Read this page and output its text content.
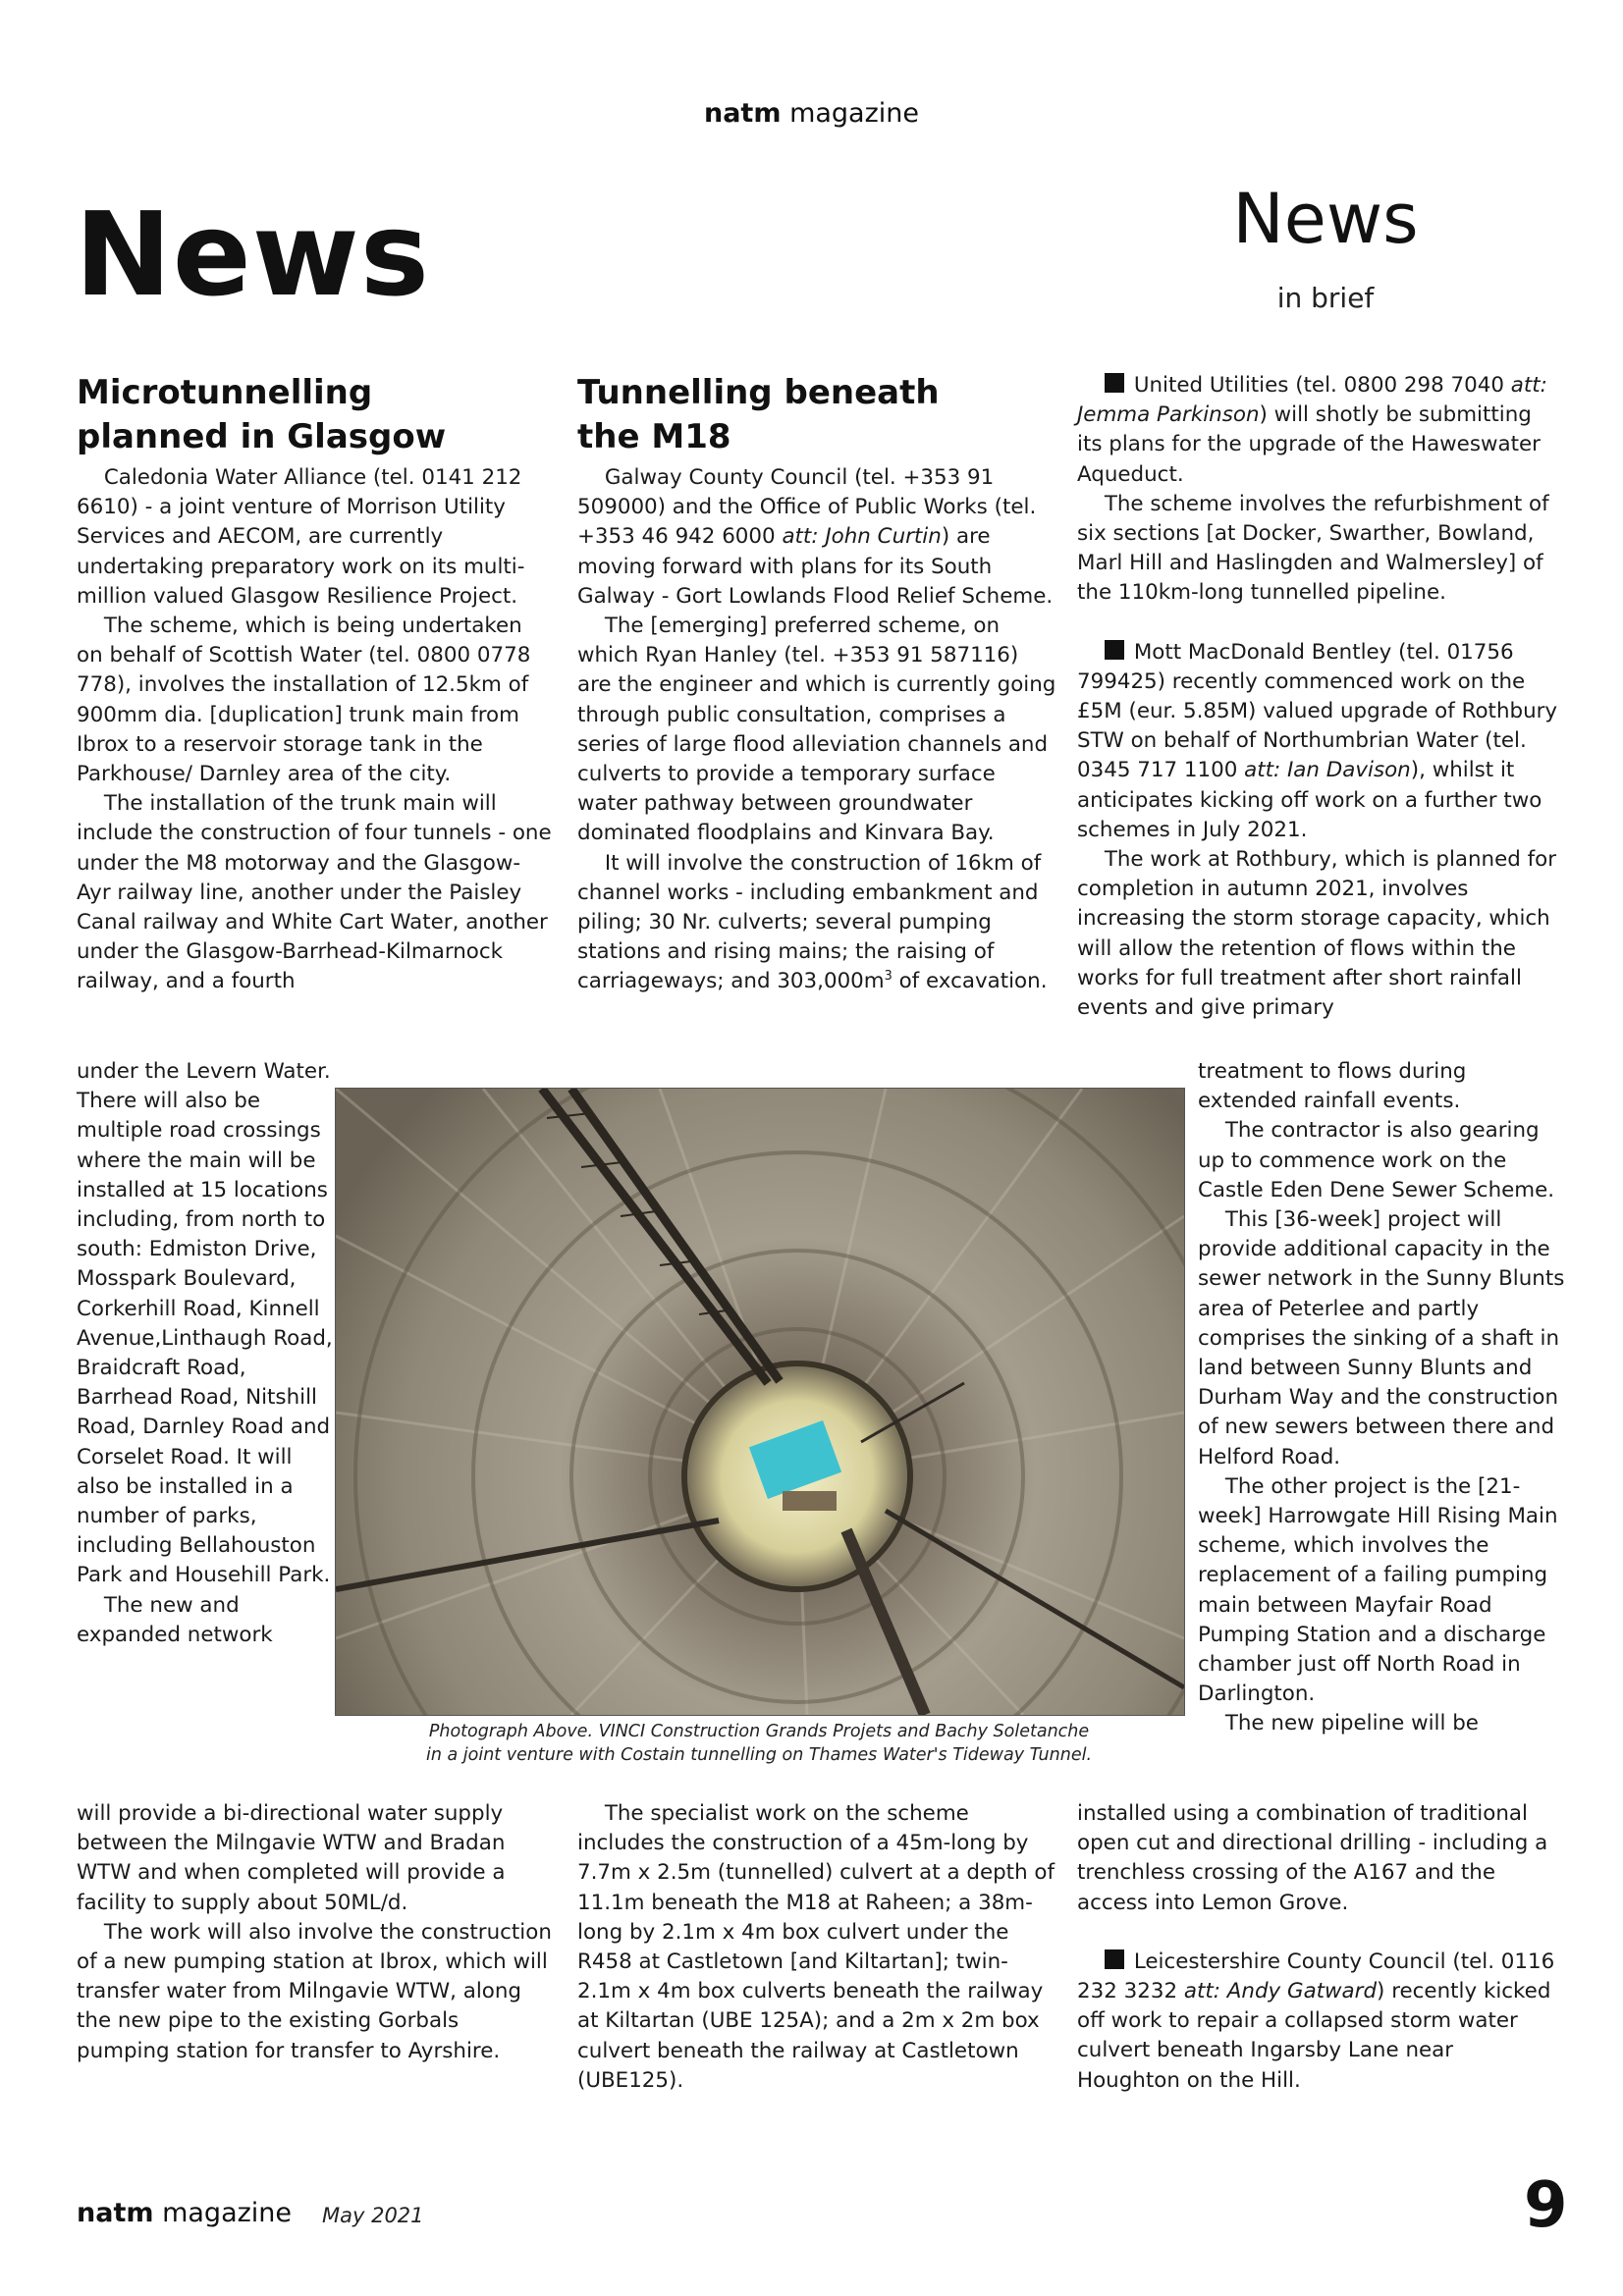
natm magazine
News	News
in brief
Microtunnelling
planned in Glasgow

Caledonia Water Alliance (tel. 0141 212 6610) - a joint venture of Morrison Utility Services and AECOM, are currently undertaking preparatory work on its multi-million valued Glasgow Resilience Project.

The scheme, which is being undertaken on behalf of Scottish Water (tel. 0800 0778 778), involves the installation of 12.5km of 900mm dia. [duplication] trunk main from Ibrox to a reservoir storage tank in the Parkhouse/ Darnley area of the city.

The installation of the trunk main will include the construction of four tunnels - one under the M8 motorway and the Glasgow-Ayr railway line, another under the Paisley Canal railway and White Cart Water, another under the Glasgow-Barrhead-Kilmarnock railway, and a fourth

under the Levern Water. There will also be multiple road crossings where the main will be installed at 15 locations including, from north to south: Edmiston Drive, Mosspark Boulevard, Corkerhill Road, Kinnell Avenue,Linthaugh Road, Braidcraft Road, Barrhead Road, Nitshill Road, Darnley Road and Corselet Road. It will also be installed in a number of parks, including Bellahouston Park and Househill Park.

The new and expanded network

will provide a bi-directional water supply between the Milngavie WTW and Bradan WTW and when completed will provide a facility to supply about 50ML/d.

The work will also involve the construction of a new pumping station at Ibrox, which will transfer water from Milngavie WTW, along the new pipe to the existing Gorbals pumping station for transfer to Ayrshire.

Tunnelling beneath
the M18

Galway County Council (tel. +353 91 509000) and the Office of Public Works (tel. +353 46 942 6000 att: John Curtin) are moving forward with plans for its South Galway - Gort Lowlands Flood Relief Scheme.

The [emerging] preferred scheme, on which Ryan Hanley (tel. +353 91 587116) are the engineer and which is currently going through public consultation, comprises a series of large flood alleviation channels and culverts to provide a temporary surface water pathway between groundwater dominated floodplains and Kinvara Bay.

It will involve the construction of 16km of channel works - including embankment and piling; 30 Nr. culverts; several pumping stations and rising mains; the raising of carriageways; and $303,000m^3$ of excavation.

The specialist work on the scheme includes the construction of a 45m-long by 7.7m x 2.5m (tunnelled) culvert at a depth of 11.1m beneath the M18 at Raheen; a 38m-long by 2.1m x 4m box culvert under the R458 at Castletown [and Kiltartan]; twin-2.1m x 4m box culverts beneath the railway at Kiltartan (UBE 125A); and a 2m x 2m box culvert beneath the railway at Castletown (UBE125).

United Utilities (tel. 0800 298 7040 att: Jemma Parkinson) will shotly be submitting its plans for the upgrade of the Haweswater Aqueduct.

The scheme involves the refurbishment of six sections [at Docker, Swarther, Bowland, Marl Hill and Haslingden and Walmersley] of the 110km-long tunnelled pipeline.

Mott MacDonald Bentley (tel. 01756 799425) recently commenced work on the £5M (eur. 5.85M) valued upgrade of Rothbury STW on behalf of Northumbrian Water (tel. 0345 717 1100 att: Ian Davison), whilst it anticipates kicking off work on a further two schemes in July 2021.

The work at Rothbury, which is planned for completion in autumn 2021, involves increasing the storm storage capacity, which will allow the retention of flows within the works for full treatment after short rainfall events and give primary

treatment to flows during extended rainfall events.

The contractor is also gearing up to commence work on the Castle Eden Dene Sewer Scheme.

This [36-week] project will provide additional capacity in the sewer network in the Sunny Blunts area of Peterlee and partly comprises the sinking of a shaft in land between Sunny Blunts and Durham Way and the construction of new sewers between there and Helford Road.

The other project is the [21-week] Harrowgate Hill Rising Main scheme, which involves the replacement of a failing pumping main between Mayfair Road Pumping Station and a discharge chamber just off North Road in Darlington.

The new pipeline will be

installed using a combination of traditional open cut and directional drilling - including a trenchless crossing of the A167 and the access into Lemon Grove.

Leicestershire County Council (tel. 0116 232 3232 att: Andy Gatward) recently kicked off work to repair a collapsed storm water culvert beneath Ingarsby Lane near Houghton on the Hill.

Photograph Above. VINCI Construction Grands Projets and Bachy Soletanche
in a joint venture with Costain tunnelling on Thames Water's Tideway Tunnel.
natm magazine May 2021	9
